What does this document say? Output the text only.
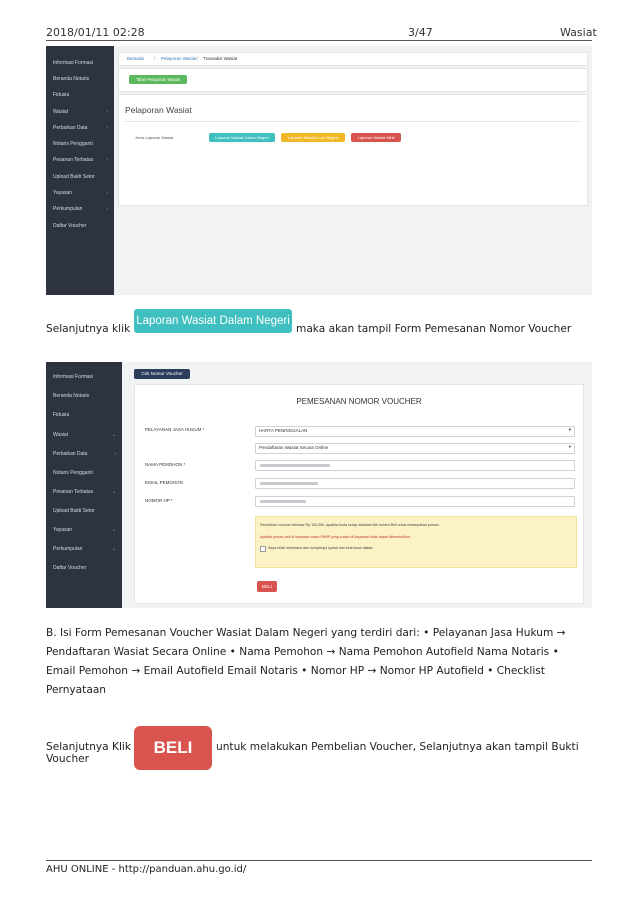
2018/01/11 02:28	3/47	Wasiat
Informasi Formasi
Beranda Notaris
Fidusia
Wasiat	›
Perbaikan Data	›
Notaris Pengganti
Pesanan Terbatas	›
Upload Bukti Setor
Yayasan	›
Perkumpulan	›
Daftar Voucher
Beranda / Pelaporan Wasiat / Transaksi Wasiat
Tabel Pelaporan Wasiat
Pelaporan Wasiat
Jenis Laporan Wasiat	Laporan Wasiat Dalam Negeri	Laporan Wasiat Luar Negeri	Laporan Wasiat Nihil
Selanjutnya klik
Laporan Wasiat Dalam Negeri
maka akan tampil Form Pemesanan Nomor Voucher
Informasi Formasi
Beranda Notaris
Fidusia
Wasiat	⌄
Perbaikan Data	›
Notaris Pengganti
Pesanan Terbatas	⌄
Upload Bukti Setor
Yayasan	⌄
Perkumpulan	⌄
Daftar Voucher
Cek Nomor Voucher
PEMESANAN NOMOR VOUCHER
PELAYANAN JASA HUKUM *	HARTA PENINGGALAN	▾
Pendaftaran Wasiat Secara Online	▾
NAMA PEMOHON *
EMAIL PEMOHON
NOMOR HP *
Pembelian voucher sebesar Rp 100.000, apabila Anda setuju silahkan klik tombol Beli untuk melanjutkan proses.
Apabila proses beli di lanjutkan maka PNBP yang sudah di bayarkan tidak dapat dikembalikan.
Saya telah membaca dan menyetujui syarat dan ketentuan diatas.
BELI
B. Isi Form Pemesanan Voucher Wasiat Dalam Negeri yang terdiri dari: • Pelayanan Jasa Hukum → Pendaftaran Wasiat Secara Online • Nama Pemohon → Nama Pemohon Autofield Nama Notaris • Email Pemohon → Email Autofield Email Notaris • Nomor HP → Nomor HP Autofield • Checklist Pernyataan
Selanjutnya Klik	BELI	untuk melakukan Pembelian Voucher, Selanjutnya akan tampil Bukti
Voucher
AHU ONLINE - http://panduan.ahu.go.id/
